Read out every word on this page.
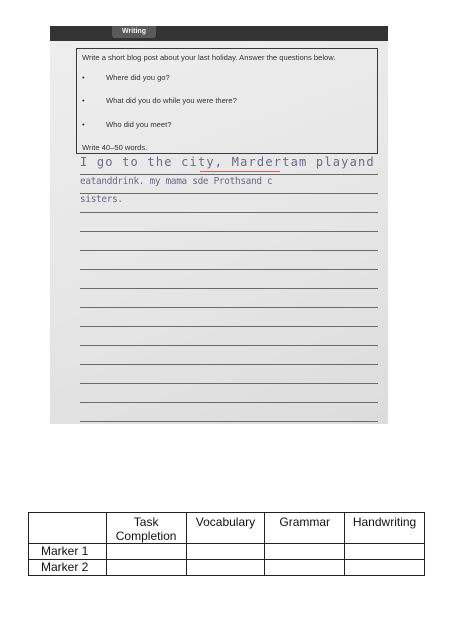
Writing
Write a short blog post about your last holiday. Answer the questions below.
•	Where did you go?
•	What did you do while you were there?
•	Who did you meet?
Write 40–50 words.
I go to the city, Mardertam playand
eatanddrink. my mama sde Prothsand c
sisters.
	Task Completion	Vocabulary	Grammar	Handwriting
Marker 1				
Marker 2				
